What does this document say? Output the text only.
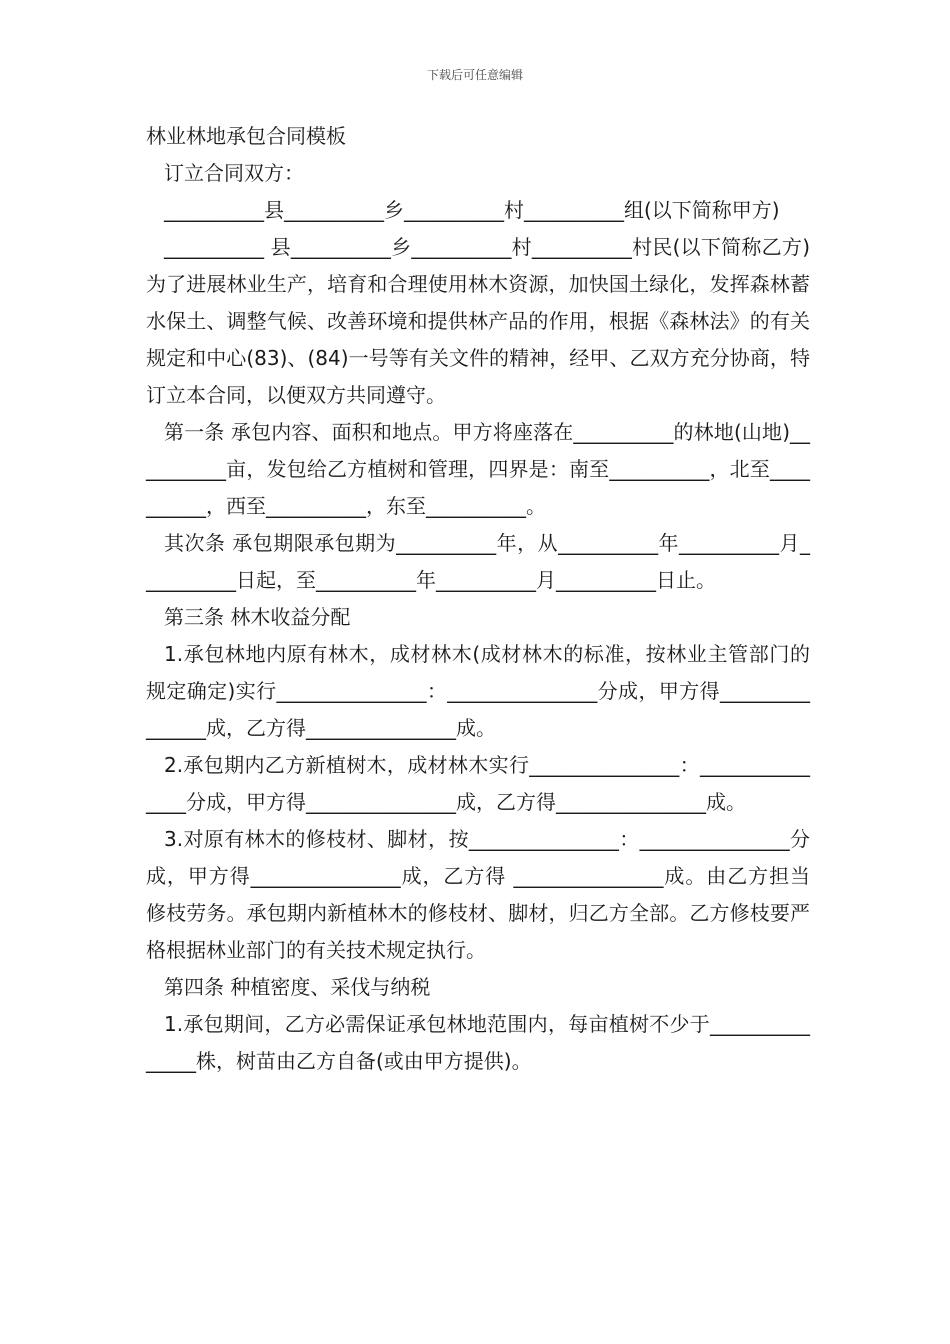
下载后可任意编辑

林业林地承包合同模板

订立合同双方：

__________县__________乡__________村__________组(以下简称甲方)

__________ 县__________乡__________村__________村民(以下简称乙方) 为了进展林业生产，培育和合理使用林木资源，加快国土绿化，发挥森林蓄水保土、调整气候、改善环境和提供林产品的作用，根据《森林法》的有关规定和中心(83)、(84)一号等有关文件的精神，经甲、乙双方充分协商，特订立本合同，以便双方共同遵守。

第一条 承包内容、面积和地点。甲方将座落在__________的林地(山地)__________亩，发包给乙方植树和管理，四界是：南至__________，北至__________，西至__________，东至__________。

其次条 承包期限承包期为__________年，从__________年__________月__________日起，至__________年__________月__________日止。

第三条 林木收益分配

1.承包林地内原有林木，成材林木(成材林木的标准，按林业主管部门的规定确定)实行_______________：_______________分成，甲方得_______________成，乙方得_______________成。

2.承包期内乙方新植树木，成材林木实行_______________：_______________分成，甲方得_______________成，乙方得_______________成。

3.对原有林木的修枝材、脚材，按_______________：_______________分成，甲方得_______________成，乙方得 _______________成。由乙方担当修枝劳务。承包期内新植林木的修枝材、脚材，归乙方全部。乙方修枝要严格根据林业部门的有关技术规定执行。

第四条 种植密度、采伐与纳税

1.承包期间，乙方必需保证承包林地范围内，每亩植树不少于_______________株，树苗由乙方自备(或由甲方提供)。
